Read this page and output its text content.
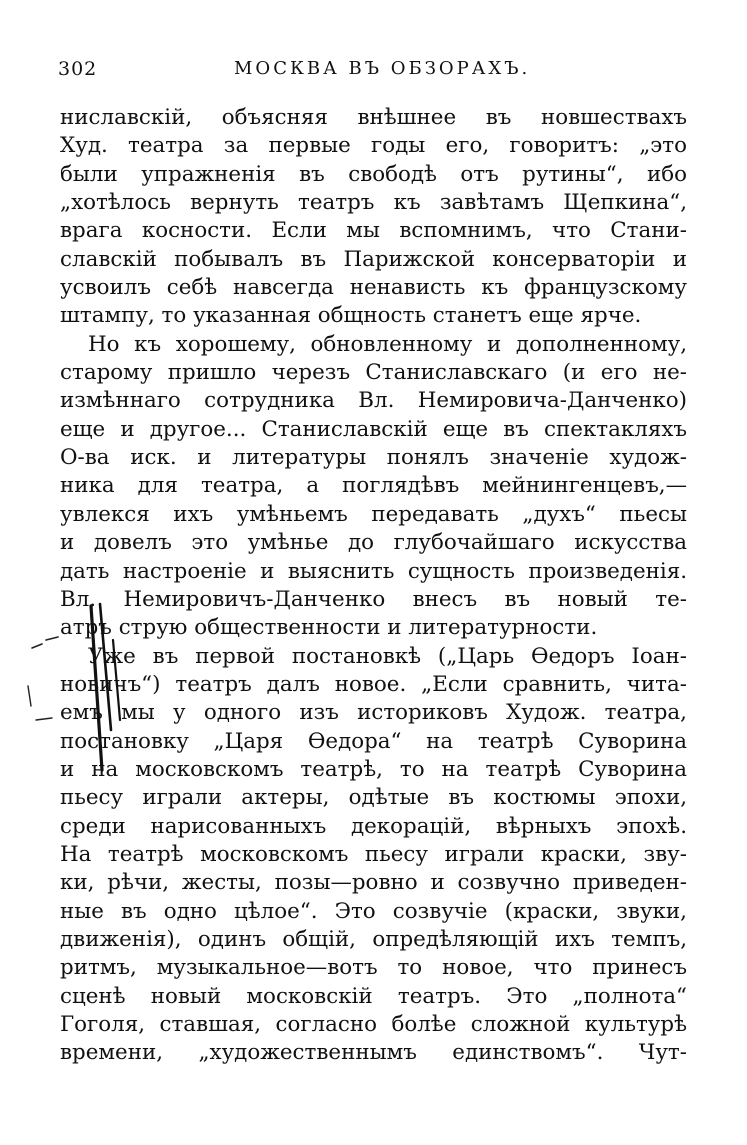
302	МОСКВА ВЪ ОБЗОРАХЪ.
ниславскій, объясняя внѣшнее въ новшествахъ
Худ. театра за первые годы его, говоритъ: „это
были упражненія въ свободѣ отъ рутины“, ибо
„хотѣлось вернуть театръ къ завѣтамъ Щепкина“,
врага косности. Если мы вспомнимъ, что Стани-
славскій побывалъ въ Парижской консерваторіи и
усвоилъ себѣ навсегда ненависть къ французскому
штампу, то указанная общность станетъ еще ярче.
Но къ хорошему, обновленному и дополненному,
старому пришло черезъ Станиславскаго (и его не-
измѣннаго сотрудника Вл. Немировича-Данченко)
еще и другое... Станиславскій еще въ спектакляхъ
О-ва иск. и литературы понялъ значеніе худож-
ника для театра, а поглядѣвъ мейнингенцевъ,—
увлекся ихъ умѣньемъ передавать „духъ“ пьесы
и довелъ это умѣнье до глубочайшаго искусства
дать настроеніе и выяснить сущность произведенія.
Вл. Немировичъ-Данченко внесъ въ новый те-
атръ струю общественности и литературности.
Уже въ первой постановкѣ („Царь Ѳедоръ Іоан-
новичъ“) театръ далъ новое. „Если сравнить, чита-
емъ мы у одного изъ историковъ Худож. театра,
постановку „Царя Ѳедора“ на театрѣ Суворина
и на московскомъ театрѣ, то на театрѣ Суворина
пьесу играли актеры, одѣтые въ костюмы эпохи,
среди нарисованныхъ декорацій, вѣрныхъ эпохѣ.
На театрѣ московскомъ пьесу играли краски, зву-
ки, рѣчи, жесты, позы—ровно и созвучно приведен-
ные въ одно цѣлое“. Это созвучіе (краски, звуки,
движенія), одинъ общій, опредѣляющій ихъ темпъ,
ритмъ, музыкальное—вотъ то новое, что принесъ
сценѣ новый московскій театръ. Это „полнота“
Гоголя, ставшая, согласно болѣе сложной культурѣ
времени, „художественнымъ единствомъ“. Чут-
